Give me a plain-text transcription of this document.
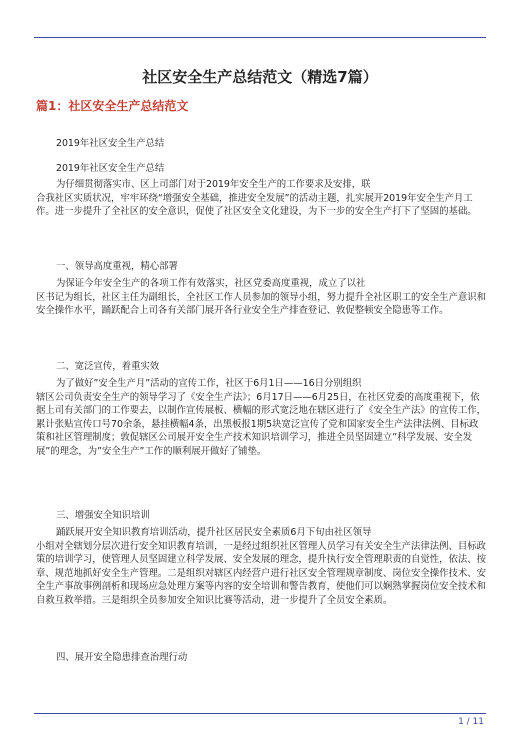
社区安全生产总结范文（精选7篇）
篇1：社区安全生产总结范文

2019年社区安全生产总结

2019年社区安全生产总结

为仔细贯彻落实市、区上司部门对于2019年安全生产的工作要求及安排，联

合我社区实质状况，牢牢环绕“增强安全基础，推进安全发展”的活动主题，扎实展开2019年安全生产月工作。进一步提升了全社区的安全意识，促使了社区安全文化建设，为下一步的安全生产打下了坚固的基础。

一、领导高度重视，精心部署

为保证今年安全生产的各项工作有效落实，社区党委高度重视，成立了以社

区书记为组长，社区主任为副组长，全社区工作人员参加的领导小组，努力提升全社区职工的安全生产意识和安全操作水平，踊跃配合上司各有关部门展开各行业安全生产排查登记、敦促整顿安全隐患等工作。

二、宽泛宣传，着重实效

为了做好”安全生产月”活动的宣传工作，社区于6月1日——16日分别组织

辖区公司负责安全生产的领导学习了《安全生产法》；6月17日——6月25日，在社区党委的高度重视下，依据上司有关部门的工作要去，以制作宣传展板、横幅的形式宽泛地在辖区进行了《安全生产法》的宣传工作，累计张贴宣传口号70余条，悬挂横幅4条，出黑板报1期5块宽泛宣传了党和国家安全生产法律法例、目标政策和社区管理制度；敦促辖区公司展开安全生产技术知识培训学习，推进全员坚固建立”科学发展、安全发展”的理念，为”安全生产”工作的顺利展开做好了铺垫。

三、增强安全知识培训

踊跃展开安全知识教育培训活动，提升社区居民安全素质6月下旬由社区领导

小组对全辖划分层次进行安全知识教育培训，一是经过组织社区管理人员学习有关安全生产法律法例、目标政策的培训学习，使管理人员坚固建立科学发展、安全发展的理念，提升执行安全管理职责的自觉性，依法、按章、规范地抓好安全生产管理。二是组织对辖区内经营户进行社区安全管理规章制度、岗位安全操作技术、安全生产事故事例剖析和现场应急处理方案等内容的安全培训和警告教育，使他们可以娴熟掌握岗位安全技术和自救互救举措。三是组织全员参加安全知识比赛等活动，进一步提升了全员安全素质。

四、展开安全隐患排查治理行动

1 / 11
